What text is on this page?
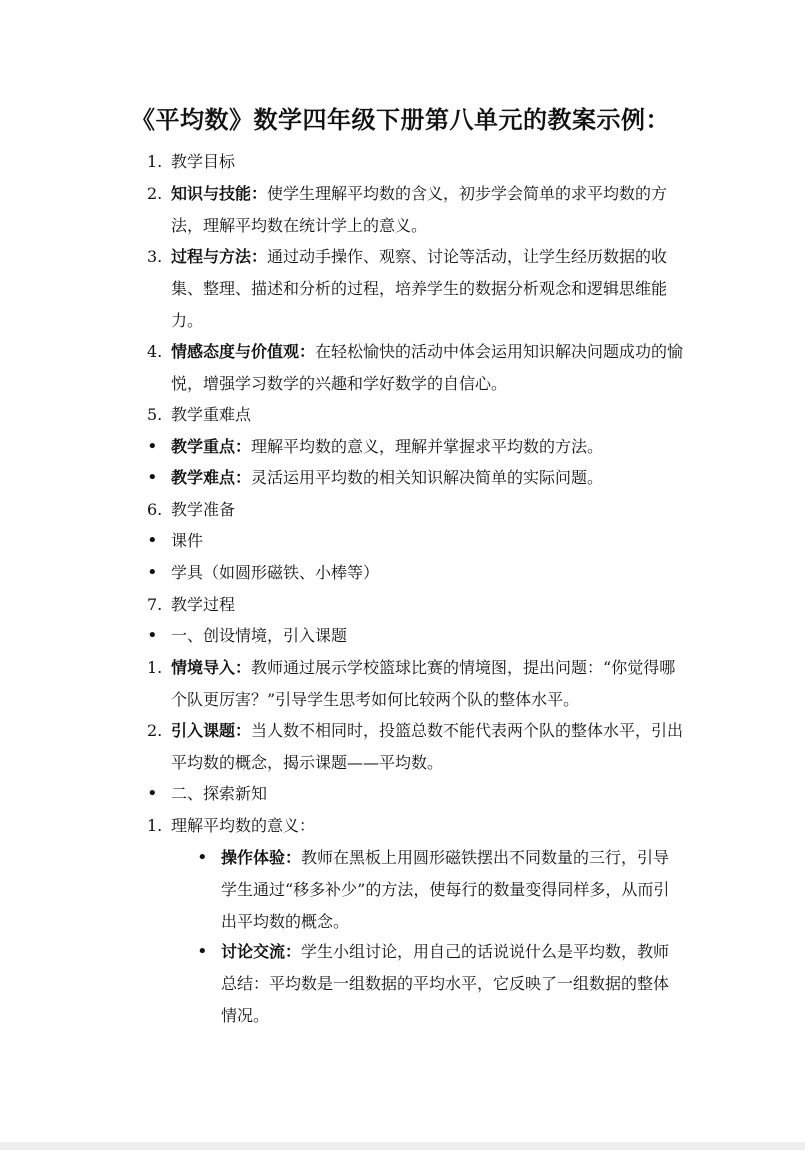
《平均数》数学四年级下册第八单元的教案示例：
1. 教学目标
2. 知识与技能：使学生理解平均数的含义，初步学会简单的求平均数的方法，理解平均数在统计学上的意义。
3. 过程与方法：通过动手操作、观察、讨论等活动，让学生经历数据的收集、整理、描述和分析的过程，培养学生的数据分析观念和逻辑思维能力。
4. 情感态度与价值观：在轻松愉快的活动中体会运用知识解决问题成功的愉悦，增强学习数学的兴趣和学好数学的自信心。
5. 教学重难点
• 教学重点：理解平均数的意义，理解并掌握求平均数的方法。
• 教学难点：灵活运用平均数的相关知识解决简单的实际问题。
6. 教学准备
• 课件
• 学具（如圆形磁铁、小棒等）
7. 教学过程
• 一、创设情境，引入课题
1. 情境导入：教师通过展示学校篮球比赛的情境图，提出问题：“你觉得哪个队更厉害？”引导学生思考如何比较两个队的整体水平。
2. 引入课题：当人数不相同时，投篮总数不能代表两个队的整体水平，引出平均数的概念，揭示课题——平均数。
• 二、探索新知
1. 理解平均数的意义：
• 操作体验：教师在黑板上用圆形磁铁摆出不同数量的三行，引导学生通过“移多补少”的方法，使每行的数量变得同样多，从而引出平均数的概念。
• 讨论交流：学生小组讨论，用自己的话说说什么是平均数，教师总结：平均数是一组数据的平均水平，它反映了一组数据的整体情况。
